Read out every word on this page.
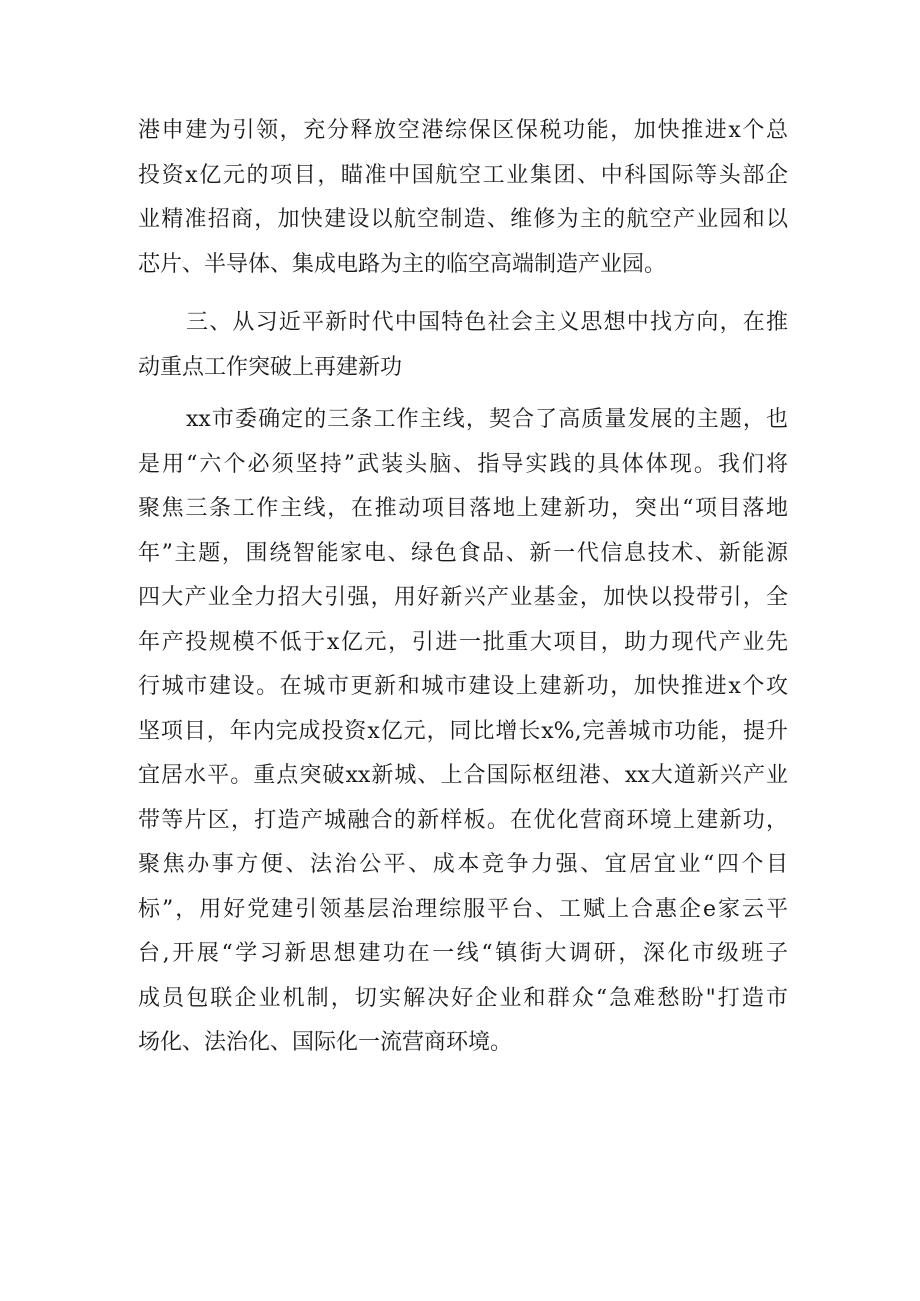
港申建为引领，充分释放空港综保区保税功能，加快推进x个总
投资x亿元的项目，瞄准中国航空工业集团、中科国际等头部企
业精准招商，加快建设以航空制造、维修为主的航空产业园和以
芯片、半导体、集成电路为主的临空高端制造产业园。
三、从习近平新时代中国特色社会主义思想中找方向，在推
动重点工作突破上再建新功
xx市委确定的三条工作主线，契合了高质量发展的主题，也
是用“六个必须坚持”武装头脑、指导实践的具体体现。我们将
聚焦三条工作主线，在推动项目落地上建新功，突出“项目落地
年”主题，围绕智能家电、绿色食品、新一代信息技术、新能源
四大产业全力招大引强，用好新兴产业基金，加快以投带引，全
年产投规模不低于x亿元，引进一批重大项目，助力现代产业先
行城市建设。在城市更新和城市建设上建新功，加快推进x个攻
坚项目，年内完成投资x亿元，同比增长x%,完善城市功能，提升
宜居水平。重点突破xx新城、上合国际枢纽港、xx大道新兴产业
带等片区，打造产城融合的新样板。在优化营商环境上建新功，
聚焦办事方便、法治公平、成本竞争力强、宜居宜业“四个目
标”，用好党建引领基层治理综服平台、工赋上合惠企e家云平
台,开展“学习新思想建功在一线“镇街大调研，深化市级班子
成员包联企业机制，切实解决好企业和群众“急难愁盼"打造市
场化、法治化、国际化一流营商环境。
